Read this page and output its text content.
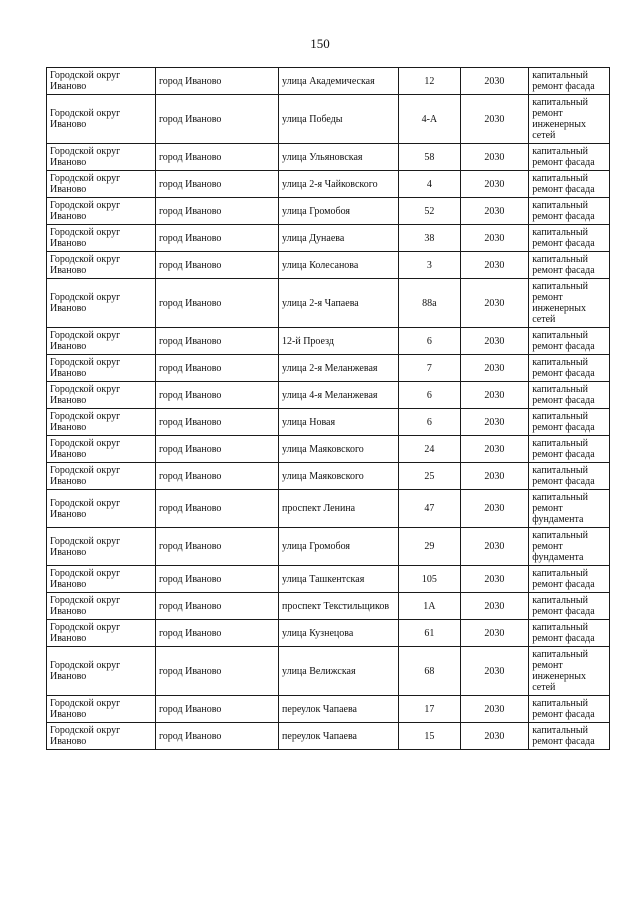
150
Городской округ Иваново	город Иваново	улица Академическая	12	2030	капитальный ремонт фасада
Городской округ Иваново	город Иваново	улица Победы	4-А	2030	капитальный ремонт инженерных сетей
Городской округ Иваново	город Иваново	улица Ульяновская	58	2030	капитальный ремонт фасада
Городской округ Иваново	город Иваново	улица 2-я Чайковского	4	2030	капитальный ремонт фасада
Городской округ Иваново	город Иваново	улица Громобоя	52	2030	капитальный ремонт фасада
Городской округ Иваново	город Иваново	улица Дунаева	38	2030	капитальный ремонт фасада
Городской округ Иваново	город Иваново	улица Колесанова	3	2030	капитальный ремонт фасада
Городской округ Иваново	город Иваново	улица 2-я Чапаева	88а	2030	капитальный ремонт инженерных сетей
Городской округ Иваново	город Иваново	12-й Проезд	6	2030	капитальный ремонт фасада
Городской округ Иваново	город Иваново	улица 2-я Меланжевая	7	2030	капитальный ремонт фасада
Городской округ Иваново	город Иваново	улица 4-я Меланжевая	6	2030	капитальный ремонт фасада
Городской округ Иваново	город Иваново	улица Новая	6	2030	капитальный ремонт фасада
Городской округ Иваново	город Иваново	улица Маяковского	24	2030	капитальный ремонт фасада
Городской округ Иваново	город Иваново	улица Маяковского	25	2030	капитальный ремонт фасада
Городской округ Иваново	город Иваново	проспект Ленина	47	2030	капитальный ремонт фундамента
Городской округ Иваново	город Иваново	улица Громобоя	29	2030	капитальный ремонт фундамента
Городской округ Иваново	город Иваново	улица Ташкентская	105	2030	капитальный ремонт фасада
Городской округ Иваново	город Иваново	проспект Текстильщиков	1А	2030	капитальный ремонт фасада
Городской округ Иваново	город Иваново	улица Кузнецова	61	2030	капитальный ремонт фасада
Городской округ Иваново	город Иваново	улица Велижская	68	2030	капитальный ремонт инженерных сетей
Городской округ Иваново	город Иваново	переулок Чапаева	17	2030	капитальный ремонт фасада
Городской округ Иваново	город Иваново	переулок Чапаева	15	2030	капитальный ремонт фасада
